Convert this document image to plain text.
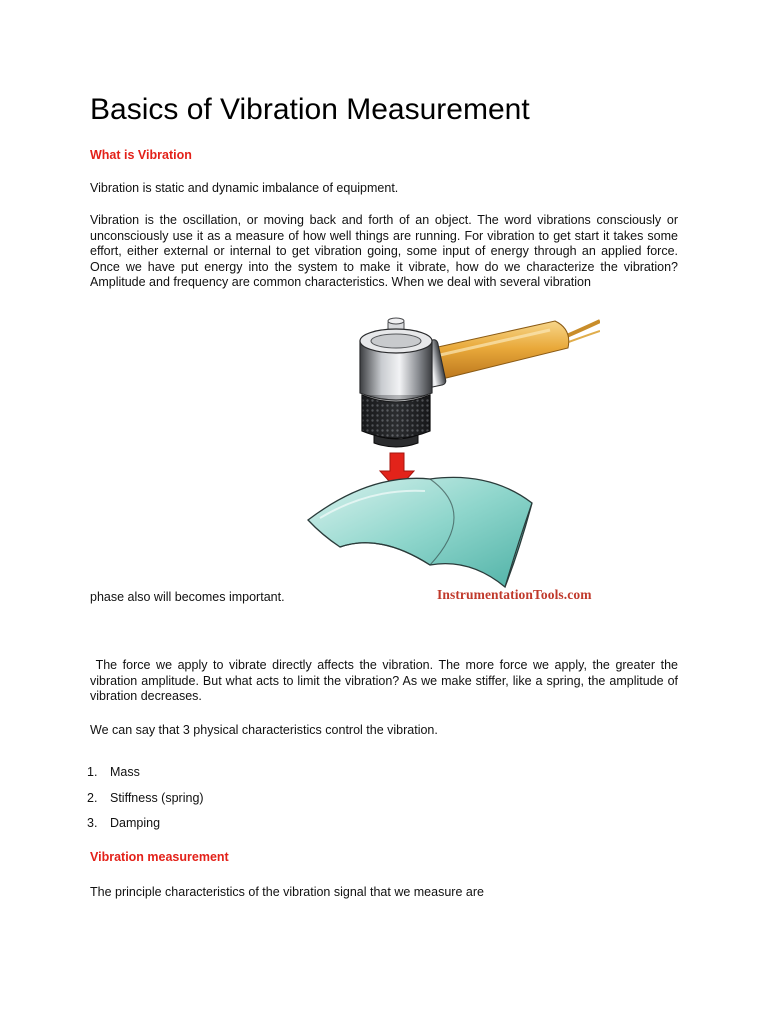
Basics of Vibration Measurement
What is Vibration

Vibration is static and dynamic imbalance of equipment.

Vibration is the oscillation, or moving back and forth of an object. The word vibrations consciously or unconsciously use it as a measure of how well things are running. For vibration to get start it takes some effort, either external or internal to get vibration going, some input of energy through an applied force. Once we have put energy into the system to make it vibrate, how do we characterize the vibration? Amplitude and frequency are common characteristics. When we deal with several vibration

phase also will becomes important.	InstrumentationTools.com

The force we apply to vibrate directly affects the vibration. The more force we apply, the greater the vibration amplitude. But what acts to limit the vibration? As we make stiffer, like a spring, the amplitude of vibration decreases.

We can say that 3 physical characteristics control the vibration.

1. Mass
2. Stiffness (spring)
3. Damping
Vibration measurement

The principle characteristics of the vibration signal that we measure are
